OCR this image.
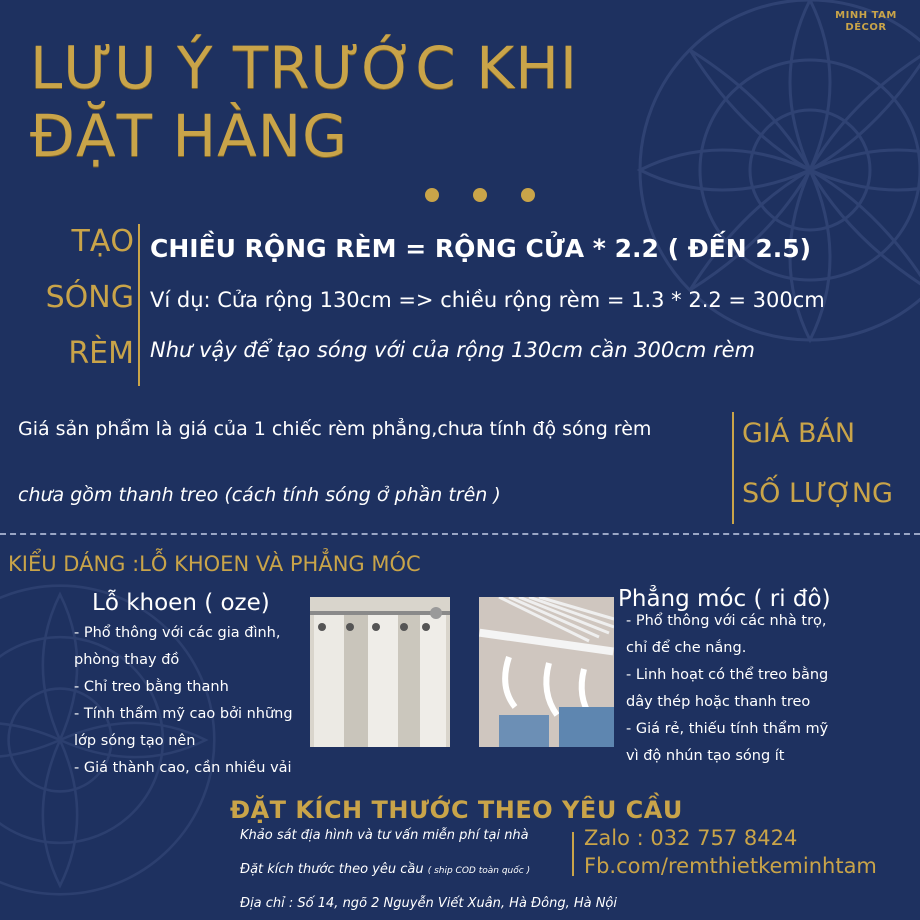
MINH TAM
DÉCOR
LƯU Ý TRƯỚC KHI
ĐẶT HÀNG
TẠO
SÓNG
RÈM
CHIỀU RỘNG RÈM = RỘNG CỬA * 2.2 ( ĐẾN 2.5)
Ví dụ: Cửa rộng 130cm => chiều rộng rèm = 1.3 * 2.2 = 300cm
Như vậy để tạo sóng với của rộng 130cm cần 300cm rèm
Giá sản phẩm là giá của 1 chiếc rèm phẳng,chưa tính độ sóng rèm
chưa gồm thanh treo (cách tính sóng ở phần trên )
GIÁ BÁN
SỐ LƯỢNG
KIỂU DÁNG :LỖ KHOEN VÀ PHẲNG MÓC
Lỗ khoen ( oze)
- Phổ thông với các gia đình,
phòng thay đồ
- Chỉ treo bằng thanh
- Tính thẩm mỹ cao bởi những
lớp sóng tạo nên
- Giá thành cao, cần nhiều vải
Phẳng móc ( ri đô)
- Phổ thông với các nhà trọ,
chỉ để che nắng.
- Linh hoạt có thể treo bằng
dây thép hoặc thanh treo
- Giá rẻ, thiếu tính thẩm mỹ
vì độ nhún tạo sóng ít
ĐẶT KÍCH THƯỚC THEO YÊU CẦU
Khảo sát địa hình và tư vấn miễn phí tại nhà
Đặt kích thước theo yêu cầu ( ship COD toàn quốc )
Địa chỉ : Số 14, ngõ 2 Nguyễn Viết Xuân, Hà Đông, Hà Nội
Zalo : 032 757 8424
Fb.com/remthietkeminhtam
